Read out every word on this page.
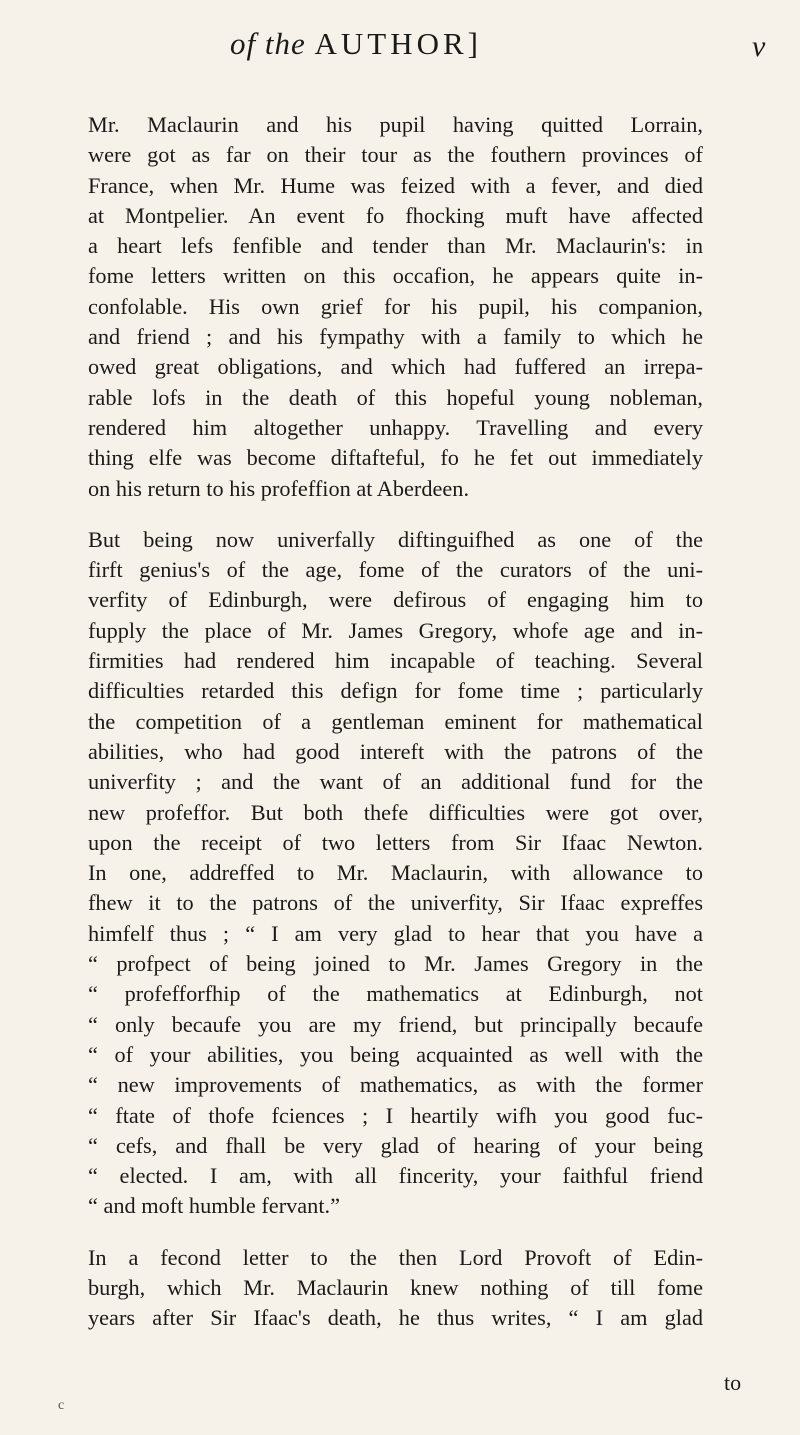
of the AUTHOR]	v
Mr. Maclaurin and his pupil having quitted Lorrain,
were got as far on their tour as the fouthern provinces of
France, when Mr. Hume was feized with a fever, and died
at Montpelier. An event fo fhocking muft have affected
a heart lefs fenfible and tender than Mr. Maclaurin's: in
fome letters written on this occafion, he appears quite in-
confolable. His own grief for his pupil, his companion,
and friend ; and his fympathy with a family to which he
owed great obligations, and which had fuffered an irrepa-
rable lofs in the death of this hopeful young nobleman,
rendered him altogether unhappy. Travelling and every
thing elfe was become diftafteful, fo he fet out immediately
on his return to his profeffion at Aberdeen.
But being now univerfally diftinguifhed as one of the
firft genius's of the age, fome of the curators of the uni-
verfity of Edinburgh, were defirous of engaging him to
fupply the place of Mr. James Gregory, whofe age and in-
firmities had rendered him incapable of teaching. Several
difficulties retarded this defign for fome time ; particularly
the competition of a gentleman eminent for mathematical
abilities, who had good intereft with the patrons of the
univerfity ; and the want of an additional fund for the
new profeffor. But both thefe difficulties were got over,
upon the receipt of two letters from Sir Ifaac Newton.
In one, addreffed to Mr. Maclaurin, with allowance to
fhew it to the patrons of the univerfity, Sir Ifaac expreffes
himfelf thus ; “ I am very glad to hear that you have a
“ profpect of being joined to Mr. James Gregory in the
“ profefforfhip of the mathematics at Edinburgh, not
“ only becaufe you are my friend, but principally becaufe
“ of your abilities, you being acquainted as well with the
“ new improvements of mathematics, as with the former
“ ftate of thofe fciences ; I heartily wifh you good fuc-
“ cefs, and fhall be very glad of hearing of your being
“ elected. I am, with all fincerity, your faithful friend
“ and moft humble fervant.”
In a fecond letter to the then Lord Provoft of Edin-
burgh, which Mr. Maclaurin knew nothing of till fome
years after Sir Ifaac's death, he thus writes, “ I am glad
to
c
